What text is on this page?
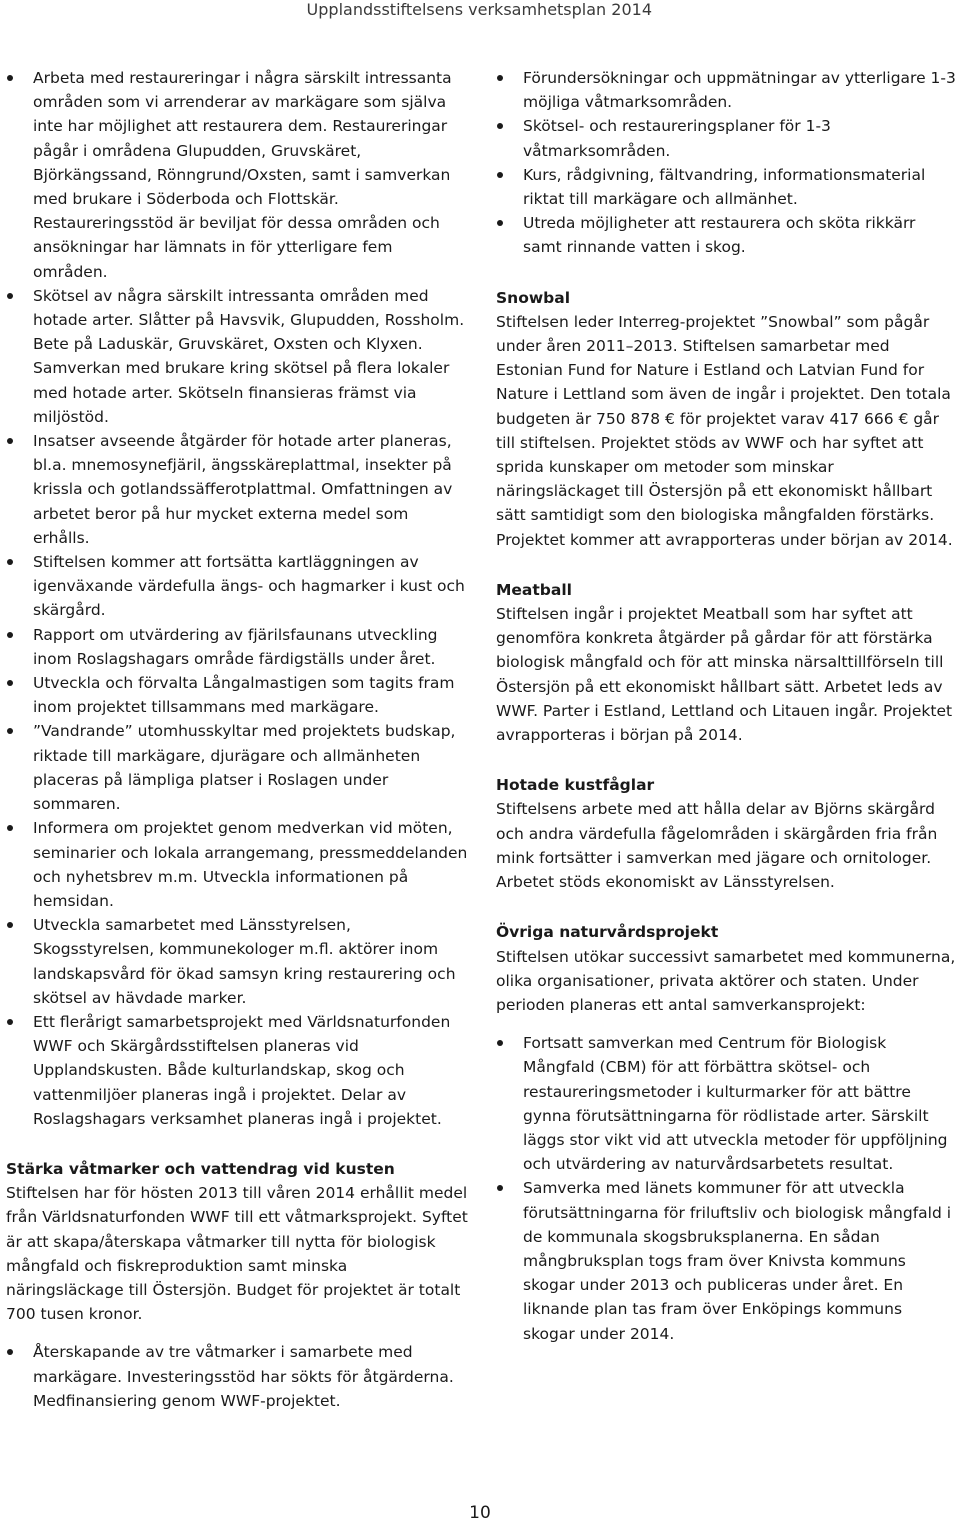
Upplandsstiftelsens verksamhetsplan 2014
Arbeta med restaureringar i några särskilt intressanta områden som vi arrenderar av markägare som själva inte har möjlighet att restaurera dem. Restaureringar pågår i områdena Glupudden, Gruvskäret, Björkängssand, Rönngrund/Oxsten, samt i samverkan med brukare i Söderboda och Flottskär. Restaureringsstöd är beviljat för dessa områden och ansökningar har lämnats in för ytterligare fem områden.
Skötsel av några särskilt intressanta områden med hotade arter. Slåtter på Havsvik, Glupudden, Rossholm. Bete på Laduskär, Gruvskäret, Oxsten och Klyxen. Samverkan med brukare kring skötsel på flera lokaler med hotade arter. Skötseln finansieras främst via miljöstöd.
Insatser avseende åtgärder för hotade arter planeras, bl.a. mnemosynefjäril, ängsskäreplattmal, insekter på krissla och gotlandssäfferotplattmal. Omfattningen av arbetet beror på hur mycket externa medel som erhålls.
Stiftelsen kommer att fortsätta kartläggningen av igenväxande värdefulla ängs- och hagmarker i kust och skärgård.
Rapport om utvärdering av fjärilsfaunans utveckling inom Roslagshagars område färdigställs under året.
Utveckla och förvalta Långalmastigen som tagits fram inom projektet tillsammans med markägare.
”Vandrande” utomhusskyltar med projektets budskap, riktade till markägare, djurägare och allmänheten placeras på lämpliga platser i Roslagen under sommaren.
Informera om projektet genom medverkan vid möten, seminarier och lokala arrangemang, pressmeddelanden och nyhetsbrev m.m. Utveckla informationen på hemsidan.
Utveckla samarbetet med Länsstyrelsen, Skogsstyrelsen, kommunekologer m.fl. aktörer inom landskapsvård för ökad samsyn kring restaurering och skötsel av hävdade marker.
Ett flerårigt samarbetsprojekt med Världsnaturfonden WWF och Skärgårdsstiftelsen planeras vid Upplandskusten. Både kulturlandskap, skog och vattenmiljöer planeras ingå i projektet. Delar av Roslagshagars verksamhet planeras ingå i projektet.

Stärka våtmarker och vattendrag vid kusten

Stiftelsen har för hösten 2013 till våren 2014 erhållit medel från Världsnaturfonden WWF till ett våtmarksprojekt. Syftet är att skapa/återskapa våtmarker till nytta för biologisk mångfald och fiskreproduktion samt minska näringsläckage till Östersjön. Budget för projektet är totalt 700 tusen kronor.

Återskapande av tre våtmarker i samarbete med markägare. Investeringsstöd har sökts för åtgärderna. Medfinansiering genom WWF-projektet.
Förundersökningar och uppmätningar av ytterligare 1-3 möjliga våtmarksområden.
Skötsel- och restaureringsplaner för 1-3 våtmarksområden.
Kurs, rådgivning, fältvandring, informationsmaterial riktat till markägare och allmänhet.
Utreda möjligheter att restaurera och sköta rikkärr samt rinnande vatten i skog.

Snowbal

Stiftelsen leder Interreg-projektet ”Snowbal” som pågår under åren 2011–2013. Stiftelsen samarbetar med Estonian Fund for Nature i Estland och Latvian Fund for Nature i Lettland som även de ingår i projektet. Den totala budgeten är 750 878 € för projektet varav 417 666 € går till stiftelsen. Projektet stöds av WWF och har syftet att sprida kunskaper om metoder som minskar näringsläckaget till Östersjön på ett ekonomiskt hållbart sätt samtidigt som den biologiska mångfalden förstärks. Projektet kommer att avrapporteras under början av 2014.

Meatball

Stiftelsen ingår i projektet Meatball som har syftet att genomföra konkreta åtgärder på gårdar för att förstärka biologisk mångfald och för att minska närsalttillförseln till Östersjön på ett ekonomiskt hållbart sätt. Arbetet leds av WWF. Parter i Estland, Lettland och Litauen ingår. Projektet avrapporteras i början på 2014.

Hotade kustfåglar

Stiftelsens arbete med att hålla delar av Björns skärgård och andra värdefulla fågelområden i skärgården fria från mink fortsätter i samverkan med jägare och ornitologer. Arbetet stöds ekonomiskt av Länsstyrelsen.

Övriga naturvårdsprojekt

Stiftelsen utökar successivt samarbetet med kommunerna, olika organisationer, privata aktörer och staten. Under perioden planeras ett antal samverkansprojekt:

Fortsatt samverkan med Centrum för Biologisk Mångfald (CBM) för att förbättra skötsel- och restaureringsmetoder i kulturmarker för att bättre gynna förutsättningarna för rödlistade arter. Särskilt läggs stor vikt vid att utveckla metoder för uppföljning och utvärdering av naturvårdsarbetets resultat.
Samverka med länets kommuner för att utveckla förutsättningarna för friluftsliv och biologisk mångfald i de kommunala skogsbruksplanerna. En sådan mångbruksplan togs fram över Knivsta kommuns skogar under 2013 och publiceras under året. En liknande plan tas fram över Enköpings kommuns skogar under 2014.
10
